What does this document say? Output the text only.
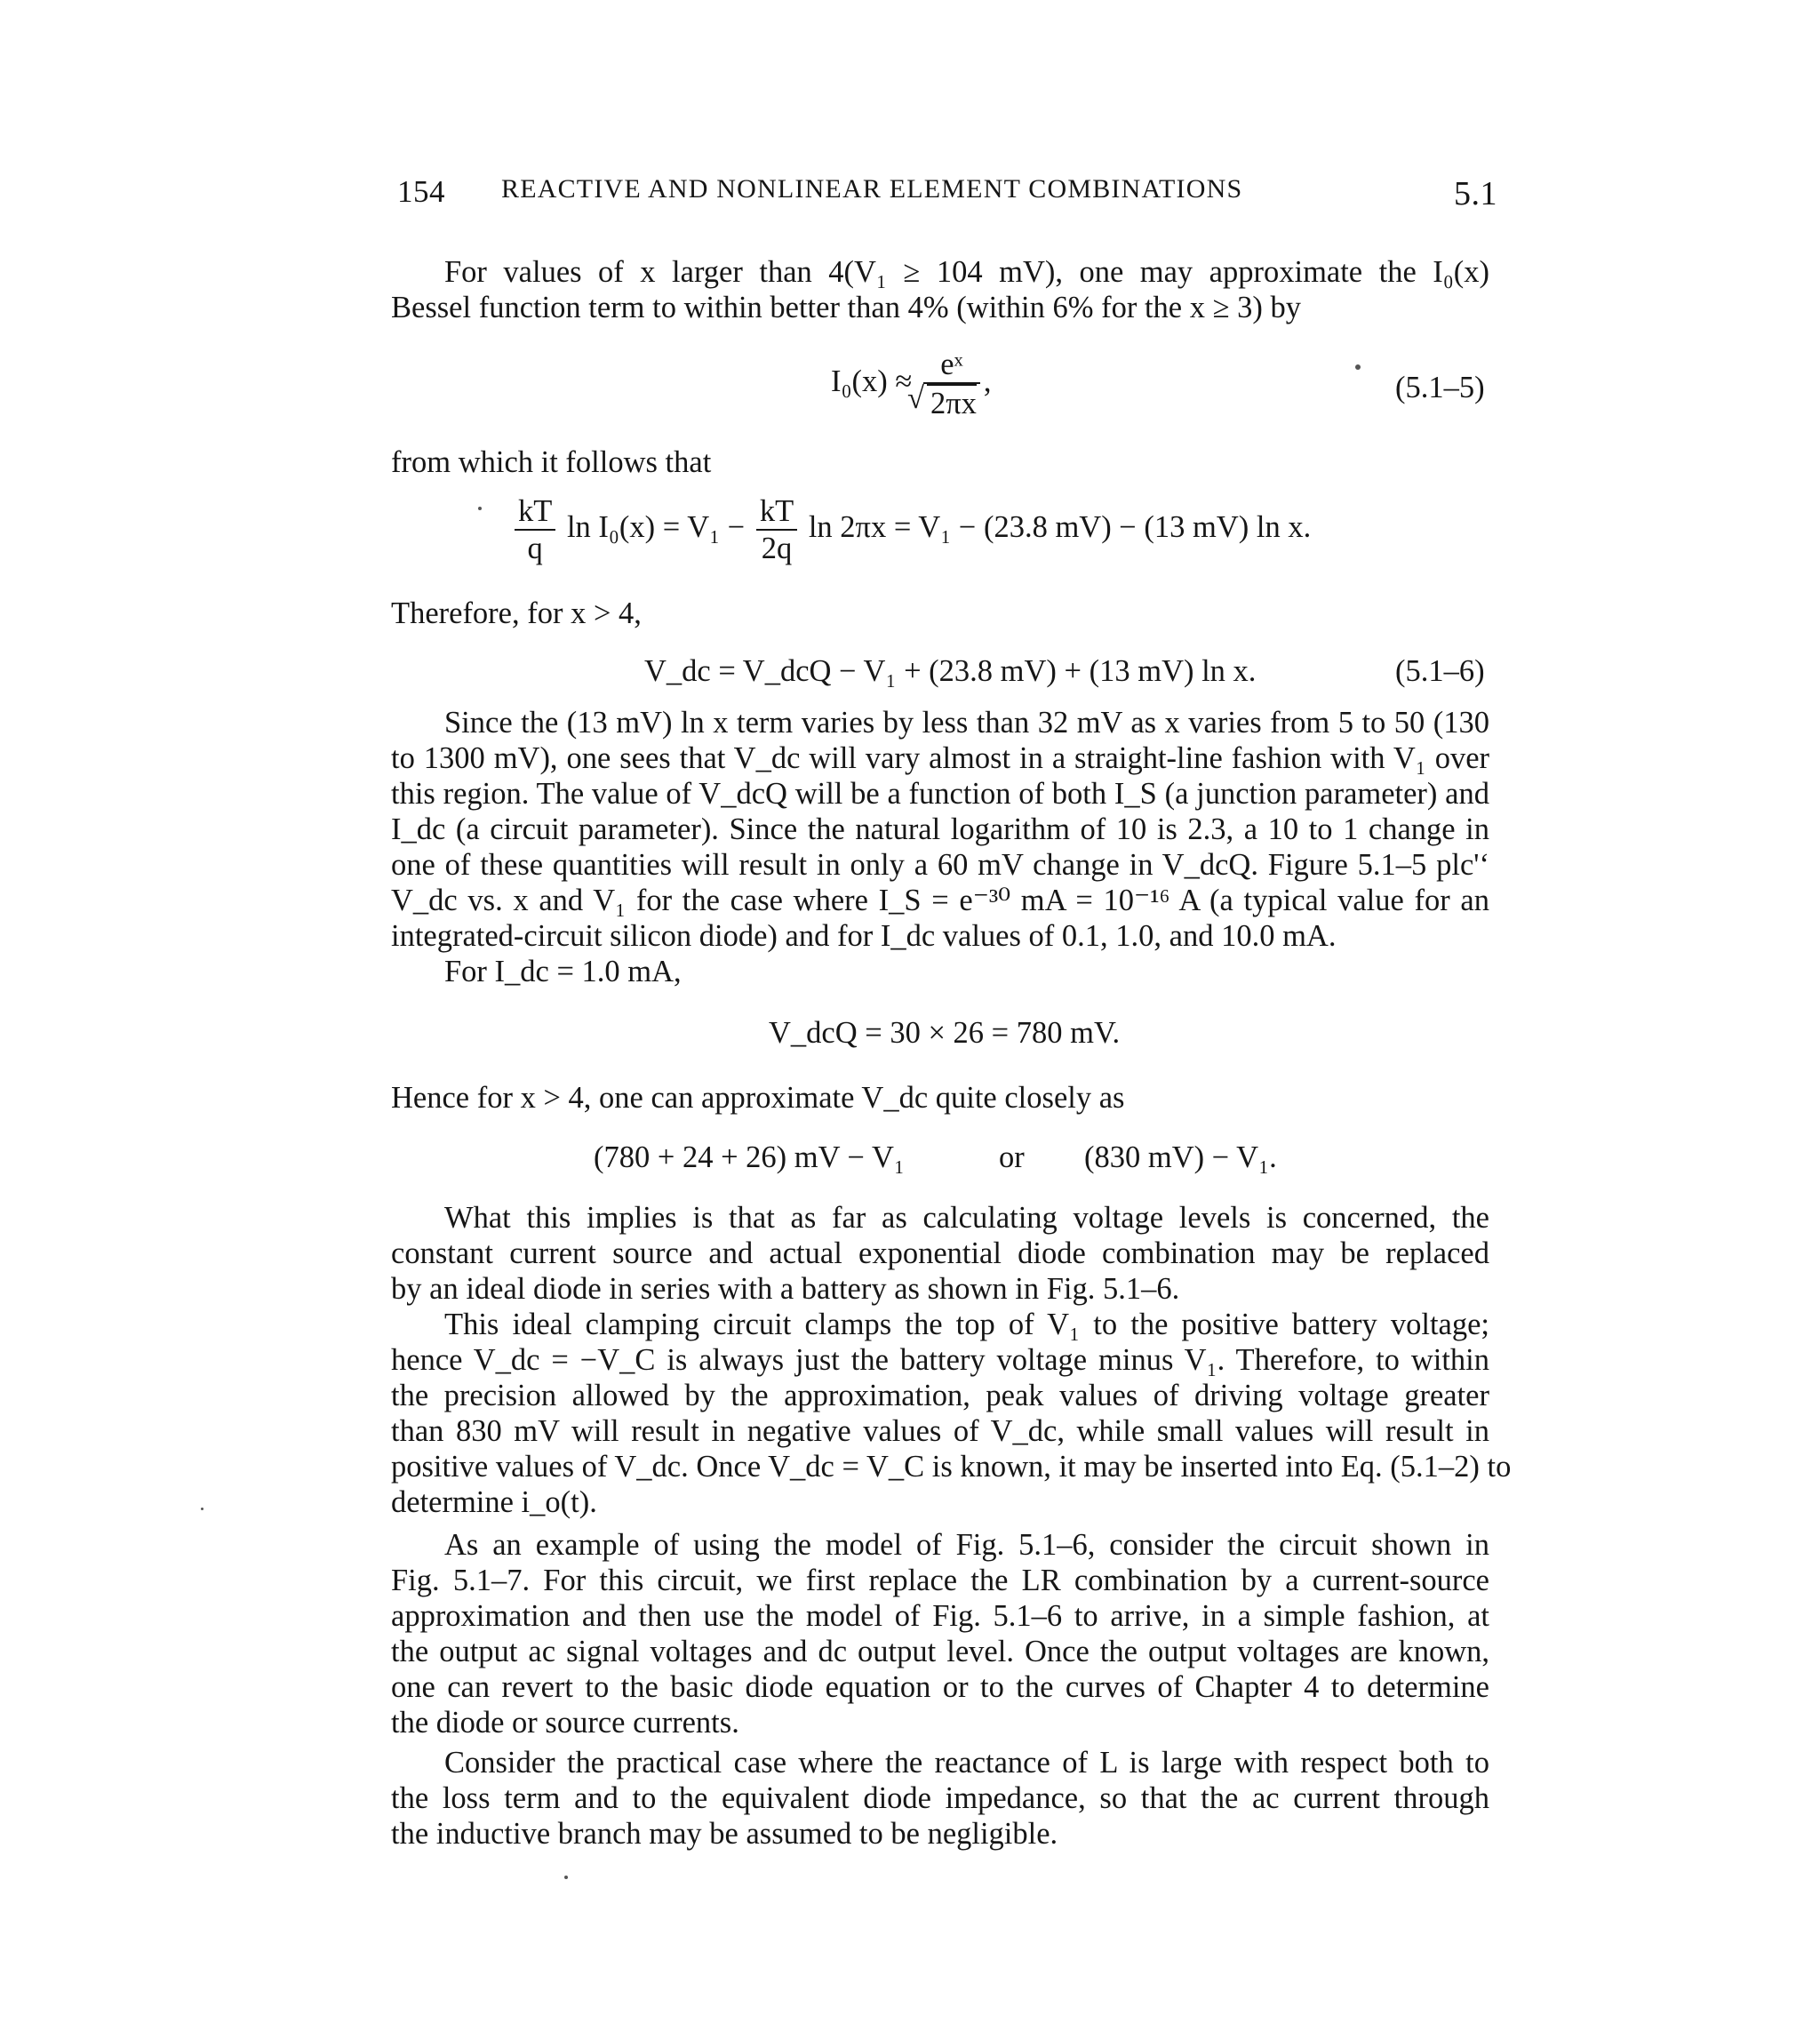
154 REACTIVE AND NONLINEAR ELEMENT COMBINATIONS	5.1
For values of x larger than 4(V₁ ≥ 104 mV), one may approximate the I₀(x)
Bessel function term to within better than 4% (within 6% for the x ≥ 3) by
I₀(x) ≈ eˣ
√ 2πx ,	(5.1–5)
from which it follows that
$\frac{kT}{q}$ $\ln I_0(x) = V_1 - \frac{kT}{2q}$ ln 2πx = V₁ − (23.8 mV) − (13 mV) ln x.
Therefore, for x > 4,
V_dc = V_dcQ − V₁ + (23.8 mV) + (13 mV) ln x.	(5.1–6)
Since the (13 mV) ln x term varies by less than 32 mV as x varies from 5 to 50 (130
to 1300 mV), one sees that V_dc will vary almost in a straight-line fashion with V₁ over
this region. The value of V_dcQ will be a function of both I_S (a junction parameter) and
I_dc (a circuit parameter). Since the natural logarithm of 10 is 2.3, a 10 to 1 change in
one of these quantities will result in only a 60 mV change in V_dcQ. Figure 5.1–5 plc'‘
V_dc vs. x and V₁ for the case where I_S = e⁻³⁰ mA = 10⁻¹⁶ A (a typical value for an
integrated-circuit silicon diode) and for I_dc values of 0.1, 1.0, and 10.0 mA.
For I_dc = 1.0 mA,
V_dcQ = 30 × 26 = 780 mV.
Hence for x > 4, one can approximate V_dc quite closely as
(780 + 24 + 26) mV − V₁	or (830 mV) − V₁.
What this implies is that as far as calculating voltage levels is concerned, the
constant current source and actual exponential diode combination may be replaced
by an ideal diode in series with a battery as shown in Fig. 5.1–6.
This ideal clamping circuit clamps the top of V₁ to the positive battery voltage;
hence V_dc = −V_C is always just the battery voltage minus V₁. Therefore, to within
the precision allowed by the approximation, peak values of driving voltage greater
than 830 mV will result in negative values of V_dc, while small values will result in
positive values of V_dc. Once V_dc = V_C is known, it may be inserted into Eq. (5.1–2) to
determine i_o(t).
As an example of using the model of Fig. 5.1–6, consider the circuit shown in
Fig. 5.1–7. For this circuit, we first replace the LR combination by a current-source
approximation and then use the model of Fig. 5.1–6 to arrive, in a simple fashion, at
the output ac signal voltages and dc output level. Once the output voltages are known,
one can revert to the basic diode equation or to the curves of Chapter 4 to determine
the diode or source currents.
Consider the practical case where the reactance of L is large with respect both to
the loss term and to the equivalent diode impedance, so that the ac current through
the inductive branch may be assumed to be negligible.
